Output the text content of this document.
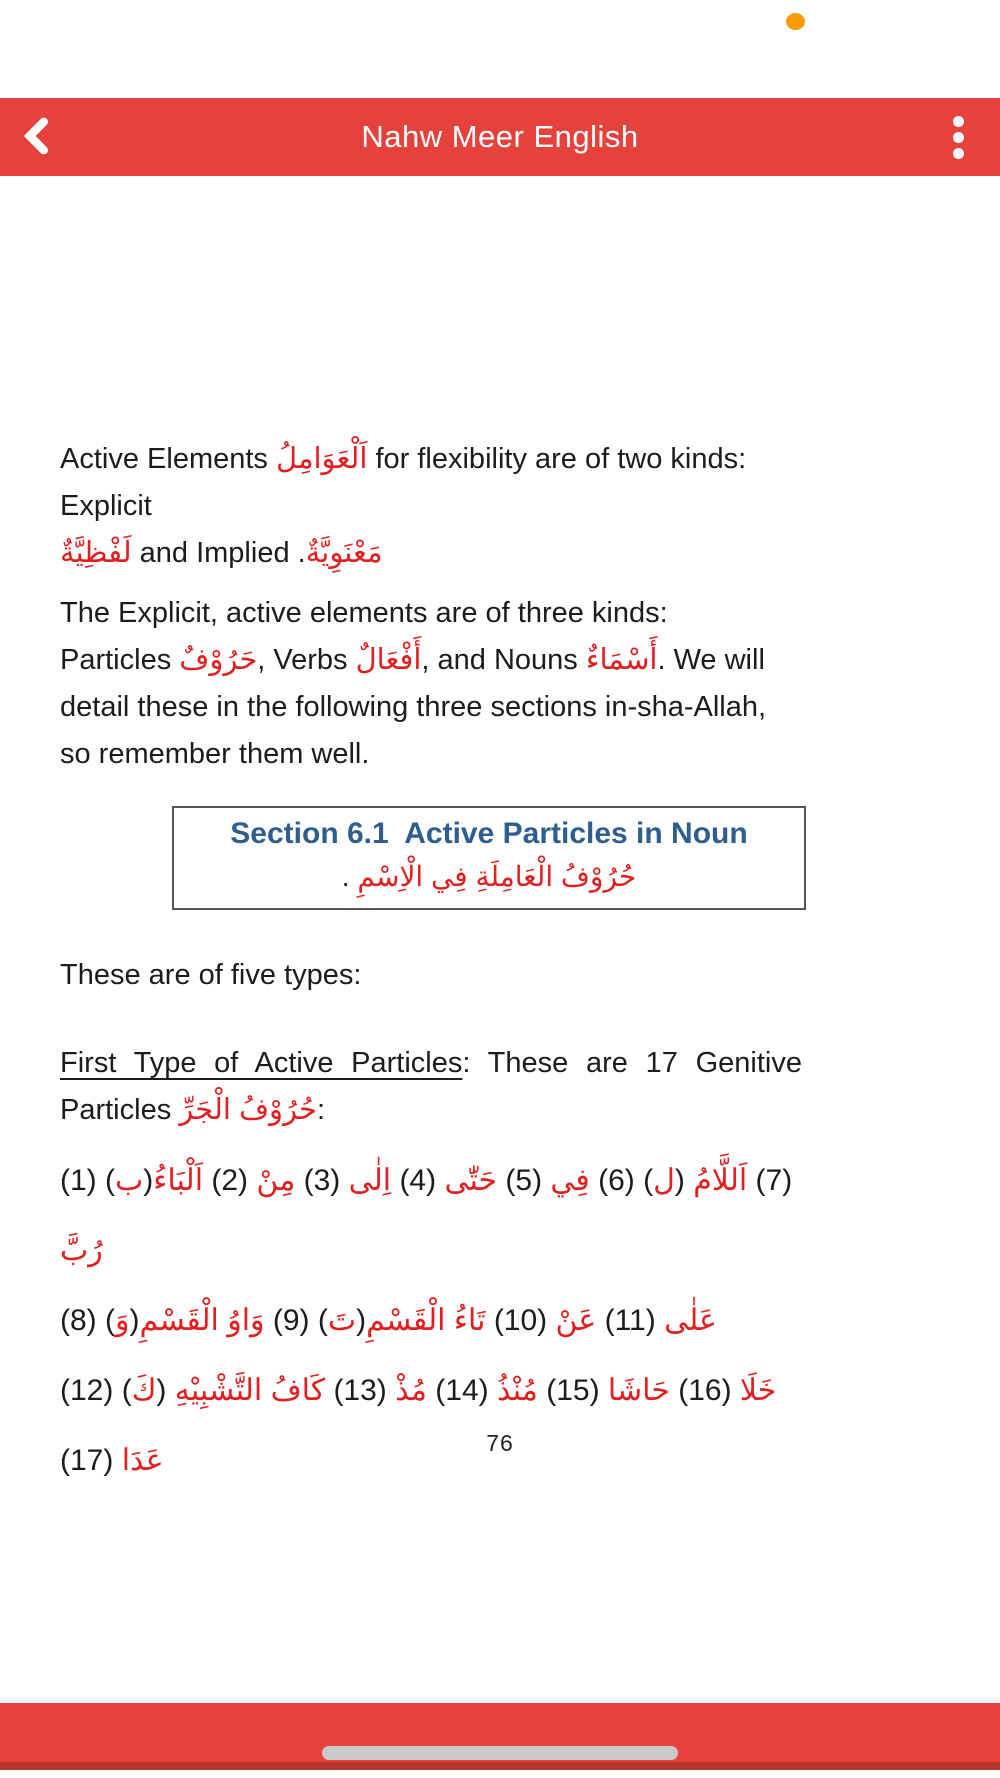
Nahw Meer English

Active Elements اَلْعَوَامِلُ for flexibility are of two kinds: Explicit
لَفْظِيَّةٌ and Implied مَعْنَوِيَّةٌ.‬

The Explicit, active elements are of three kinds:
Particles حَرُوْفٌ, Verbs أَفْعَالٌ, and Nouns أَسْمَاءٌ. We will
detail these in the following three sections in-sha-Allah,
so remember them well.

Section 6.1  Active Particles in Noun

حُرُوْفُ الْعَامِلَةِ فِي الْاِسْمِ .

These are of five types:

First Type of Active Particles: These are 17 Genitive Particles حُرُوْفُ الْجَرِّ	:

‎(1) اَلْبَاءُ(ب) ‎(2) مِنْ ‎(3) اِلٰى ‎(4) حَتّٰى ‎(5) فِي ‎(6) اَللَّامُ (ل) ‎(7) رُبَّ
‎(8)	وَاوُ الْقَسْمِ(وَ) ‎(9)	تَاءُ الْقَسْمِ(تَ) ‎(10) عَنْ ‎(11) عَلٰى
‎(12)	كَافُ التَّشْبِيْهِ (كَ) ‎(13) مُذْ ‎(14) مُنْذُ ‎(15) حَاشَا ‎(16) خَلَا ‎(17) عَدَا

76
